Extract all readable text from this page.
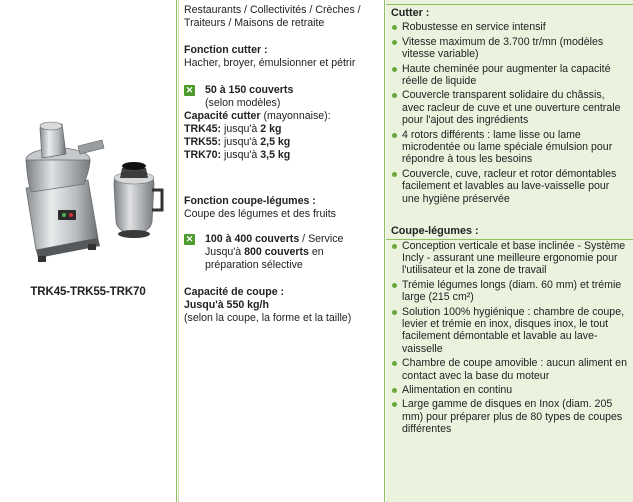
TRK45-TRK55-TRK70

Restaurants / Collectivités / Crèches / Traiteurs / Maisons de retraite

Fonction cutter :

Hacher, broyer, émulsionner et pétrir

✕	50 à 150 couverts

(selon modèles)

Capacité cutter (mayonnaise):

TRK45: jusqu'à 2 kg

TRK55: jusqu'à 2,5 kg

TRK70: jusqu'à 3,5 kg

Fonction coupe-légumes :

Coupe des légumes et des fruits

✕	100 à 400 couverts / Service

Jusqu'à 800 couverts en

préparation sélective

Capacité de coupe :

Jusqu'à 550 kg/h

(selon la coupe, la forme et la taille)

Cutter :
Robustesse en service intensif
Vitesse maximum de 3.700 tr/mn (modèles vitesse variable)
Haute cheminée pour augmenter la capacité réelle de liquide
Couvercle transparent solidaire du châssis, avec racleur de cuve et une ouverture centrale pour l'ajout des ingrédients
4 rotors différents : lame lisse ou lame microdentée ou lame spéciale émulsion pour répondre à tous les besoins
Couvercle, cuve, racleur et rotor démontables facilement et lavables au lave-vaisselle pour une hygiène préservée
Coupe-légumes :
Conception verticale et base inclinée - Système Incly - assurant une meilleure ergonomie pour l'utilisateur et la zone de travail
Trémie légumes longs (diam. 60 mm) et trémie large (215 cm²)
Solution 100% hygiénique : chambre de coupe, levier et trémie en inox, disques inox, le tout facilement démontable et lavable au lave-vaisselle
Chambre de coupe amovible : aucun aliment en contact avec la base du moteur
Alimentation en continu
Large gamme de disques en Inox (diam. 205 mm) pour préparer plus de 80 types de coupes différentes
